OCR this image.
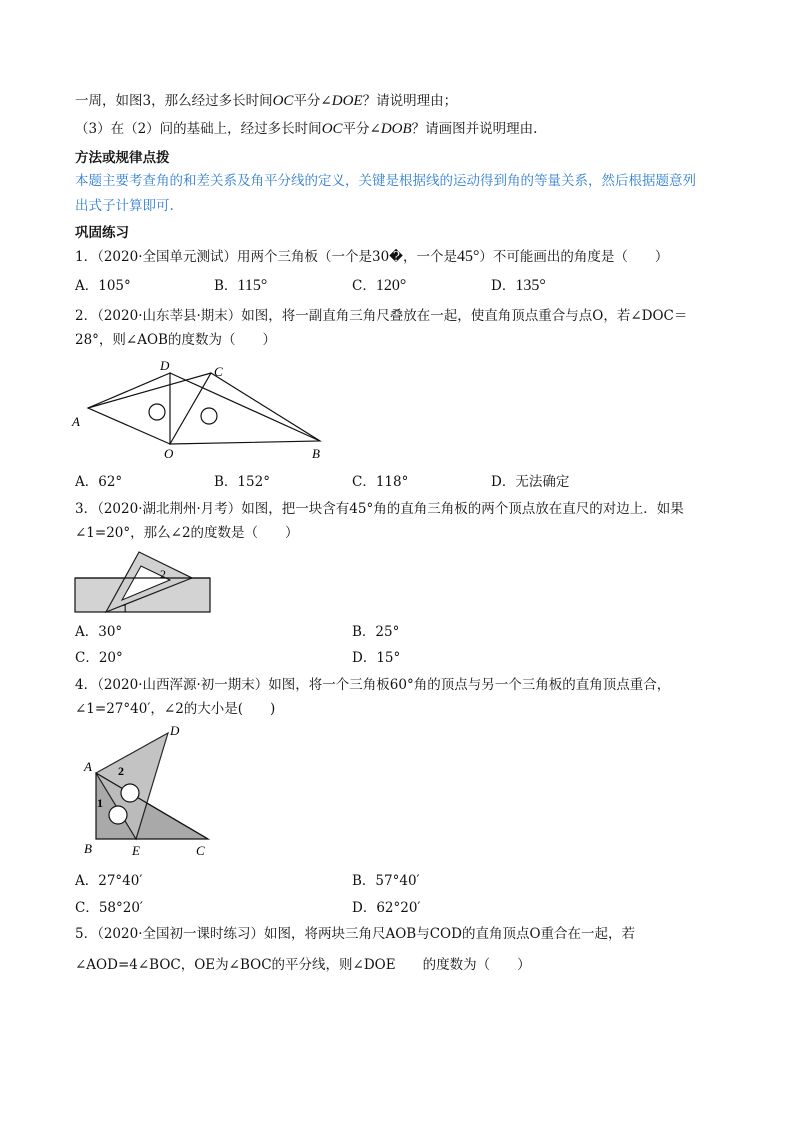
一周，如图3，那么经过多长时间OC平分∠DOE？请说明理由；
（3）在（2）问的基础上，经过多长时间OC平分∠DOB？请画图并说明理由.
方法或规律点拨
本题主要考查角的和差关系及角平分线的定义，关键是根据线的运动得到角的等量关系，然后根据题意列
出式子计算即可.
巩固练习
1．（2020·全国单元测试）用两个三角板（一个是30�，一个是45°）不可能画出的角度是（　　）
A．105°	B．115°	C．120°	D．135°
2．（2020·山东莘县·期末）如图，将一副直角三角尺叠放在一起，使直角顶点重合与点O，若∠DOC＝
28°，则∠AOB的度数为（　　）
A
D	C
O	B
A．62°	B．152°	C．118°	D．无法确定
3．（2020·湖北荆州·月考）如图，把一块含有45°角的直角三角板的两个顶点放在直尺的对边上．如果
∠1=20°，那么∠2的度数是（　　）
2
1
A．30°	B．25°
C．20°	D．15°
4．（2020·山西浑源·初一期末）如图，将一个三角板60°角的顶点与另一个三角板的直角顶点重合，
∠1=27°40′，∠2的大小是(　　)
A
D
B	E	C
2
1
A．27°40′	B．57°40′
C．58°20′	D．62°20′
5．（2020·全国初一课时练习）如图，将两块三角尺AOB与COD的直角顶点O重合在一起，若
∠AOD=4∠BOC，OE为∠BOC的平分线，则∠DOE　　的度数为（　　）
